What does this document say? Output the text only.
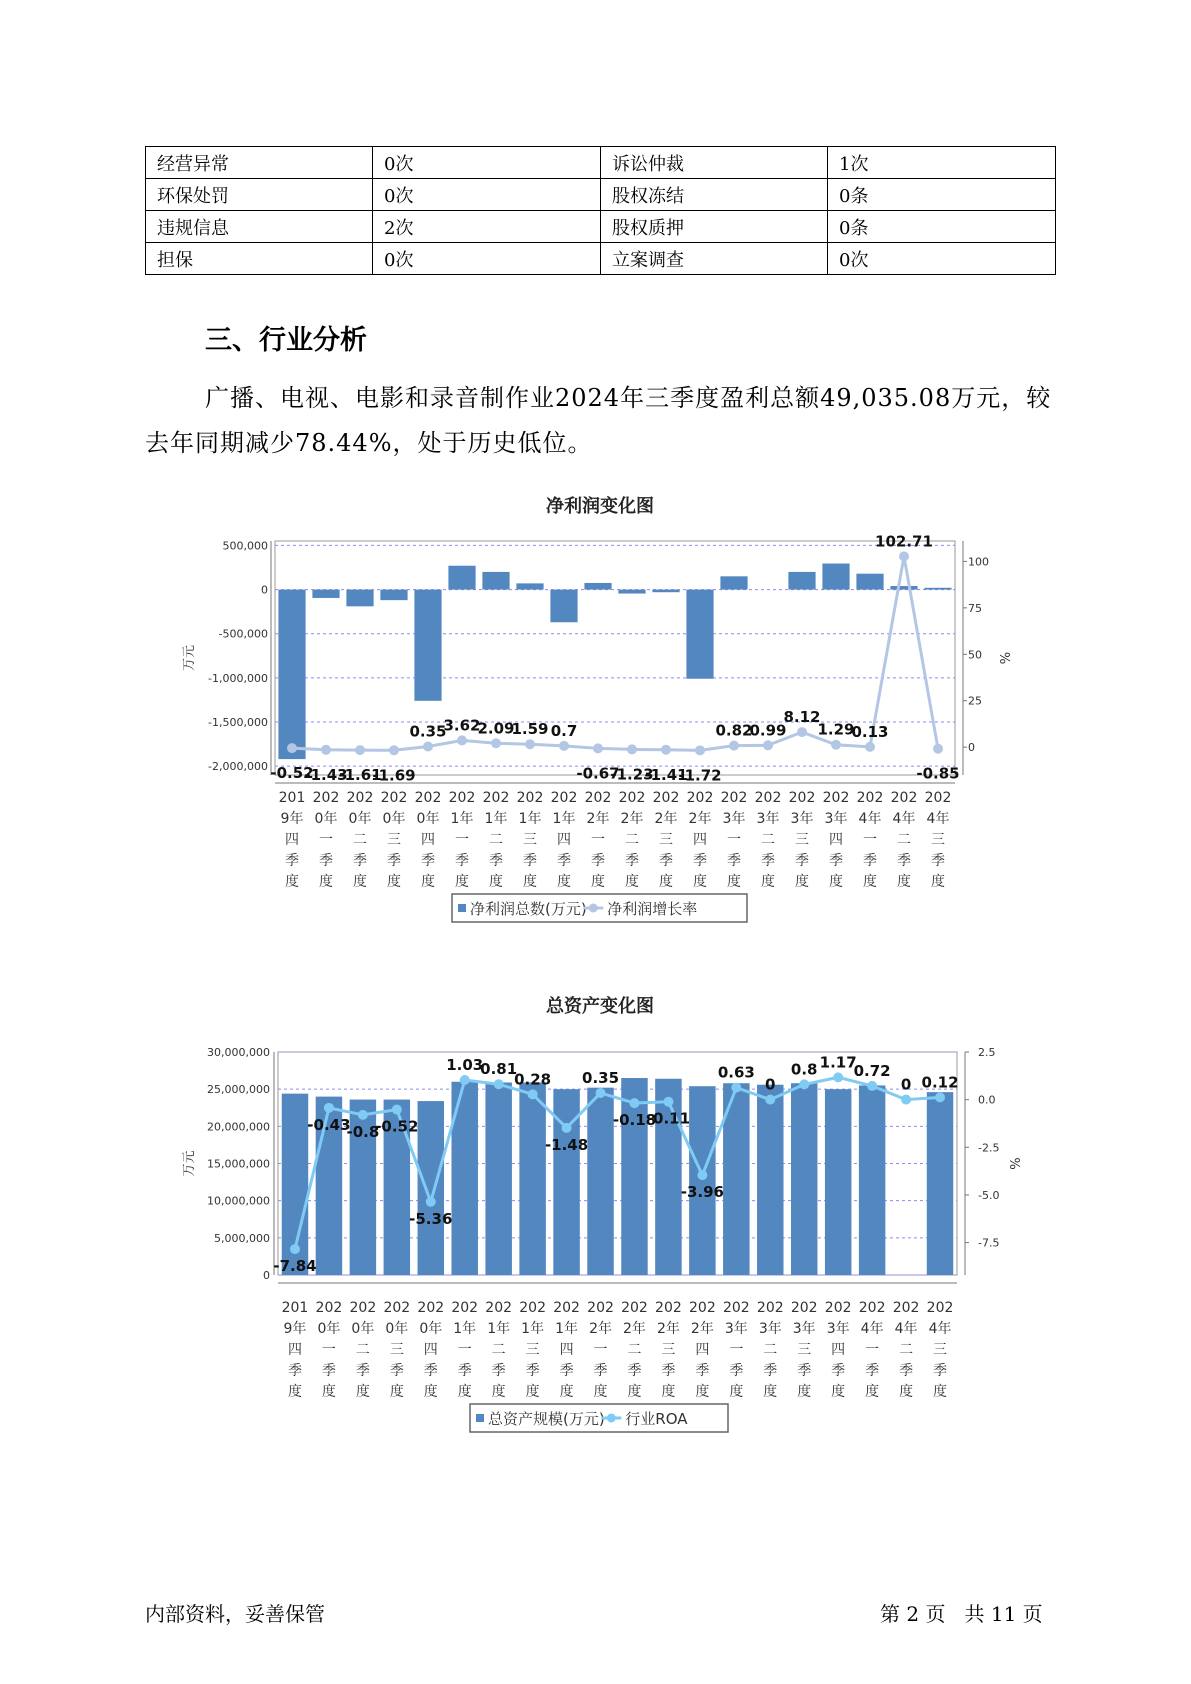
经营异常	0次	诉讼仲裁	1次
环保处罚	0次	股权冻结	0条
违规信息	2次	股权质押	0条
担保	0次	立案调查	0次
三、行业分析

广播、电视、电影和录音制作业2024年三季度盈利总额49,035.08万元，较去年同期减少78.44%，处于历史低位。

净利润变化图
500,000
0
-500,000
-1,000,000
-1,500,000
-2,000,000
100
75
50
25
0
万元	%
-0.52
-1.43
-1.61
-1.69
0.35
3.62
2.09
1.59 0.7
-0.67
-1.23
-1.41
-1.72
0.82
0.99
8.12
1.29
0.13
102.71
-0.85
201
9年
四
季
度
202
0年
一
季
度
202
0年
二
季
度
202
0年
三
季
度
202
0年
四
季
度
202
1年
一
季
度
202
1年
二
季
度
202
1年
三
季
度
202
1年
四
季
度
202
2年
一
季
度
202
2年
二
季
度
202
2年
三
季
度
202
2年
四
季
度
202
3年
一
季
度
202
3年
二
季
度
202
3年
三
季
度
202
3年
四
季
度
202
4年
一
季
度
202
4年
二
季
度
202
4年
三
季
度
净利润总数(万元) 净利润增长率
总资产变化图
30,000,000
25,000,000
20,000,000
15,000,000
10,000,000
5,000,000
0
2.5
0.0
-2.5
-5.0
-7.5
万元	%
-7.84
-0.43
-0.8
-0.52
-5.36
1.03
0.81
0.28
-1.48
0.35
-0.18
-0.11
-3.96
0.63
0
0.8 1.17
0.72
0 0.12
201
9年
四
季
度
202
0年
一
季
度
202
0年
二
季
度
202
0年
三
季
度
202
0年
四
季
度
202
1年
一
季
度
202
1年
二
季
度
202
1年
三
季
度
202
1年
四
季
度
202
2年
一
季
度
202
2年
二
季
度
202
2年
三
季
度
202
2年
四
季
度
202
3年
一
季
度
202
3年
二
季
度
202
3年
三
季
度
202
3年
四
季
度
202
4年
一
季
度
202
4年
二
季
度
202
4年
三
季
度
总资产规模(万元) 行业ROA
内部资料，妥善保管	第 2 页   共 11 页
